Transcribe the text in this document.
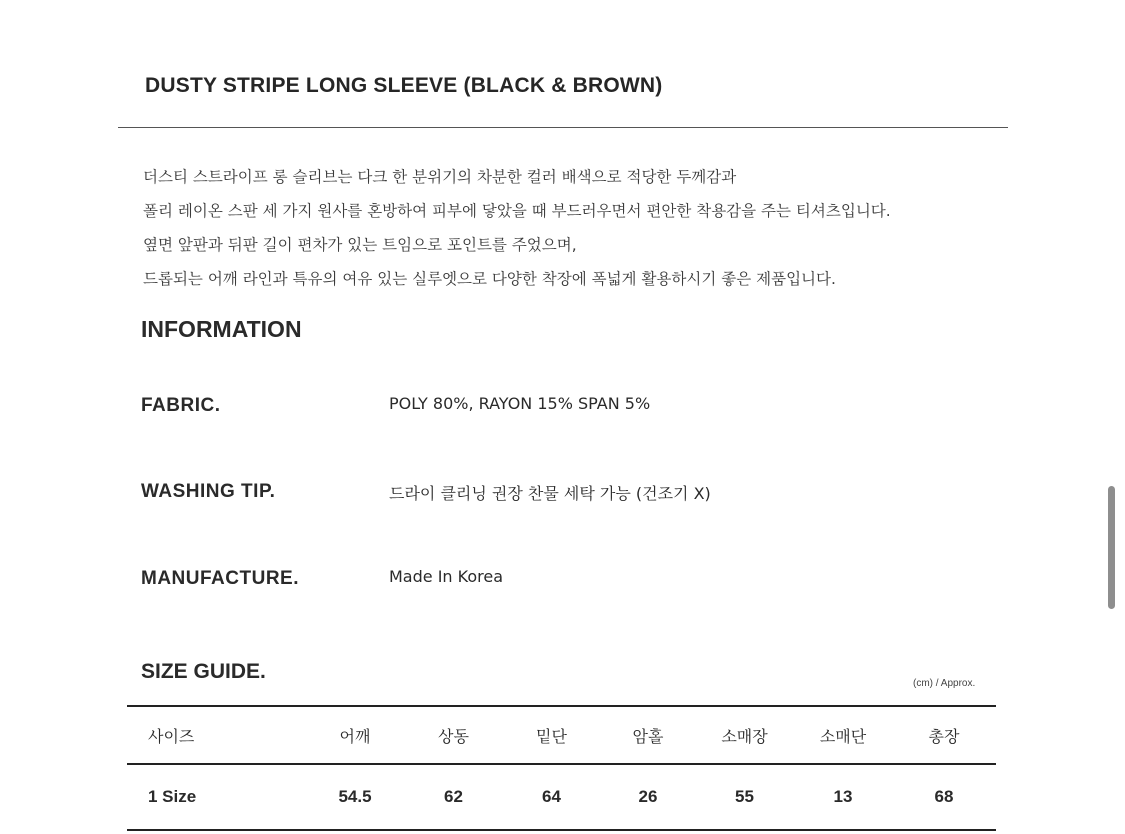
DUSTY STRIPE LONG SLEEVE (BLACK & BROWN)
더스티 스트라이프 롱 슬리브는 다크 한 분위기의 차분한 컬러 배색으로 적당한 두께감과
폴리 레이온 스판 세 가지 원사를 혼방하여 피부에 닿았을 때 부드러우면서 편안한 착용감을 주는 티셔츠입니다.
옆면 앞판과 뒤판 길이 편차가 있는 트임으로 포인트를 주었으며,
드롭되는 어깨 라인과 특유의 여유 있는 실루엣으로 다양한 착장에 폭넓게 활용하시기 좋은 제품입니다.
INFORMATION
FABRIC.	POLY 80%, RAYON 15% SPAN 5%
WASHING TIP.	드라이 클리닝 권장 찬물 세탁 가능 (건조기 X)
MANUFACTURE.	Made In Korea
SIZE GUIDE.
(cm) / Approx.
사이즈	어깨	상동	밑단	암홀	소매장	소매단	총장
1 Size	54.5	62	64	26	55	13	68
